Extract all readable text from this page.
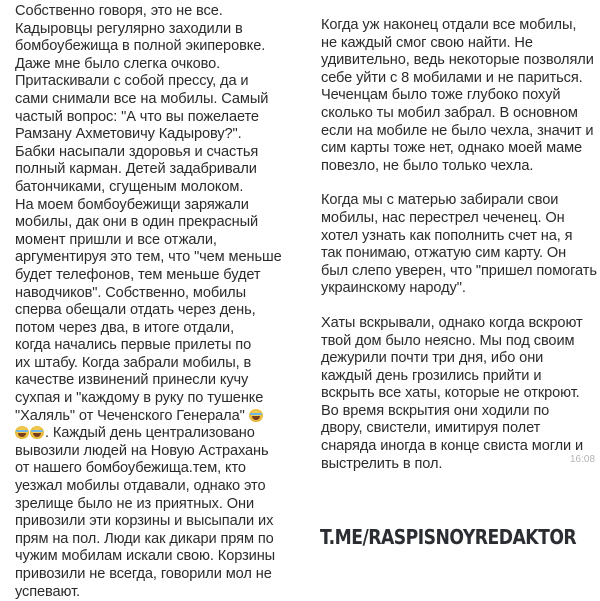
Собственно говоря, это не все.
Кадыровцы регулярно заходили в
бомбоубежища в полной экиперовке.
Даже мне было слегка очково.
Притаскивали с собой прессу, да и
сами снимали все на мобилы. Самый
частый вопрос: "А что вы пожелаете
Рамзану Ахметовичу Кадырову?".
Бабки насыпали здоровья и счастья
полный карман. Детей задабривали
батончиками, сгущеным молоком.
На моем бомбоубежищи заряжали
мобилы, дак они в один прекрасный
момент пришли и все отжали,
аргументируя это тем, что "чем меньше
будет телефонов, тем меньше будет
наводчиков". Собственно, мобилы
сперва обещали отдать через день,
потом через два, в итоге отдали,
когда начались первые прилеты по
их штабу. Когда забрали мобилы, в
качестве извинений принесли кучу
сухпая и "каждому в руку по тушенке
"Халяль" от Чеченского Генерала"
. Каждый день централизовано
вывозили людей на Новую Астрахань
от нашего бомбоубежища.тем, кто
уезжал мобилы отдавали, однако это
зрелище было не из приятных. Они
привозили эти корзины и высыпали их
прям на пол. Люди как дикари прям по
чужим мобилам искали свою. Корзины
привозили не всегда, говорили мол не
успевают.
Когда уж наконец отдали все мобилы,
не каждый смог свою найти. Не
удивительно, ведь некоторые позволяли
себе уйти с 8 мобилами и не париться.
Чеченцам было тоже глубоко похуй
сколько ты мобил забрал. В основном
если на мобиле не было чехла, значит и
сим карты тоже нет, однако моей маме
повезло, не было только чехла.
Когда мы с матерью забирали свои
мобилы, нас перестрел чеченец. Он
хотел узнать как пополнить счет на, я
так понимаю, отжатую сим карту. Он
был слепо уверен, что "пришел помогать
украинскому народу".
Хаты вскрывали, однако когда вскроют
твой дом было неясно. Мы под своим
дежурили почти три дня, ибо они
каждый день грозились прийти и
вскрыть все хаты, которые не откроют.
Во время вскрытия они ходили по
двору, свистели, имитируя полет
снаряда иногда в конце свиста могли и
выстрелить в пол.	16:08
T.ME/RASPISNOYREDAKTOR
